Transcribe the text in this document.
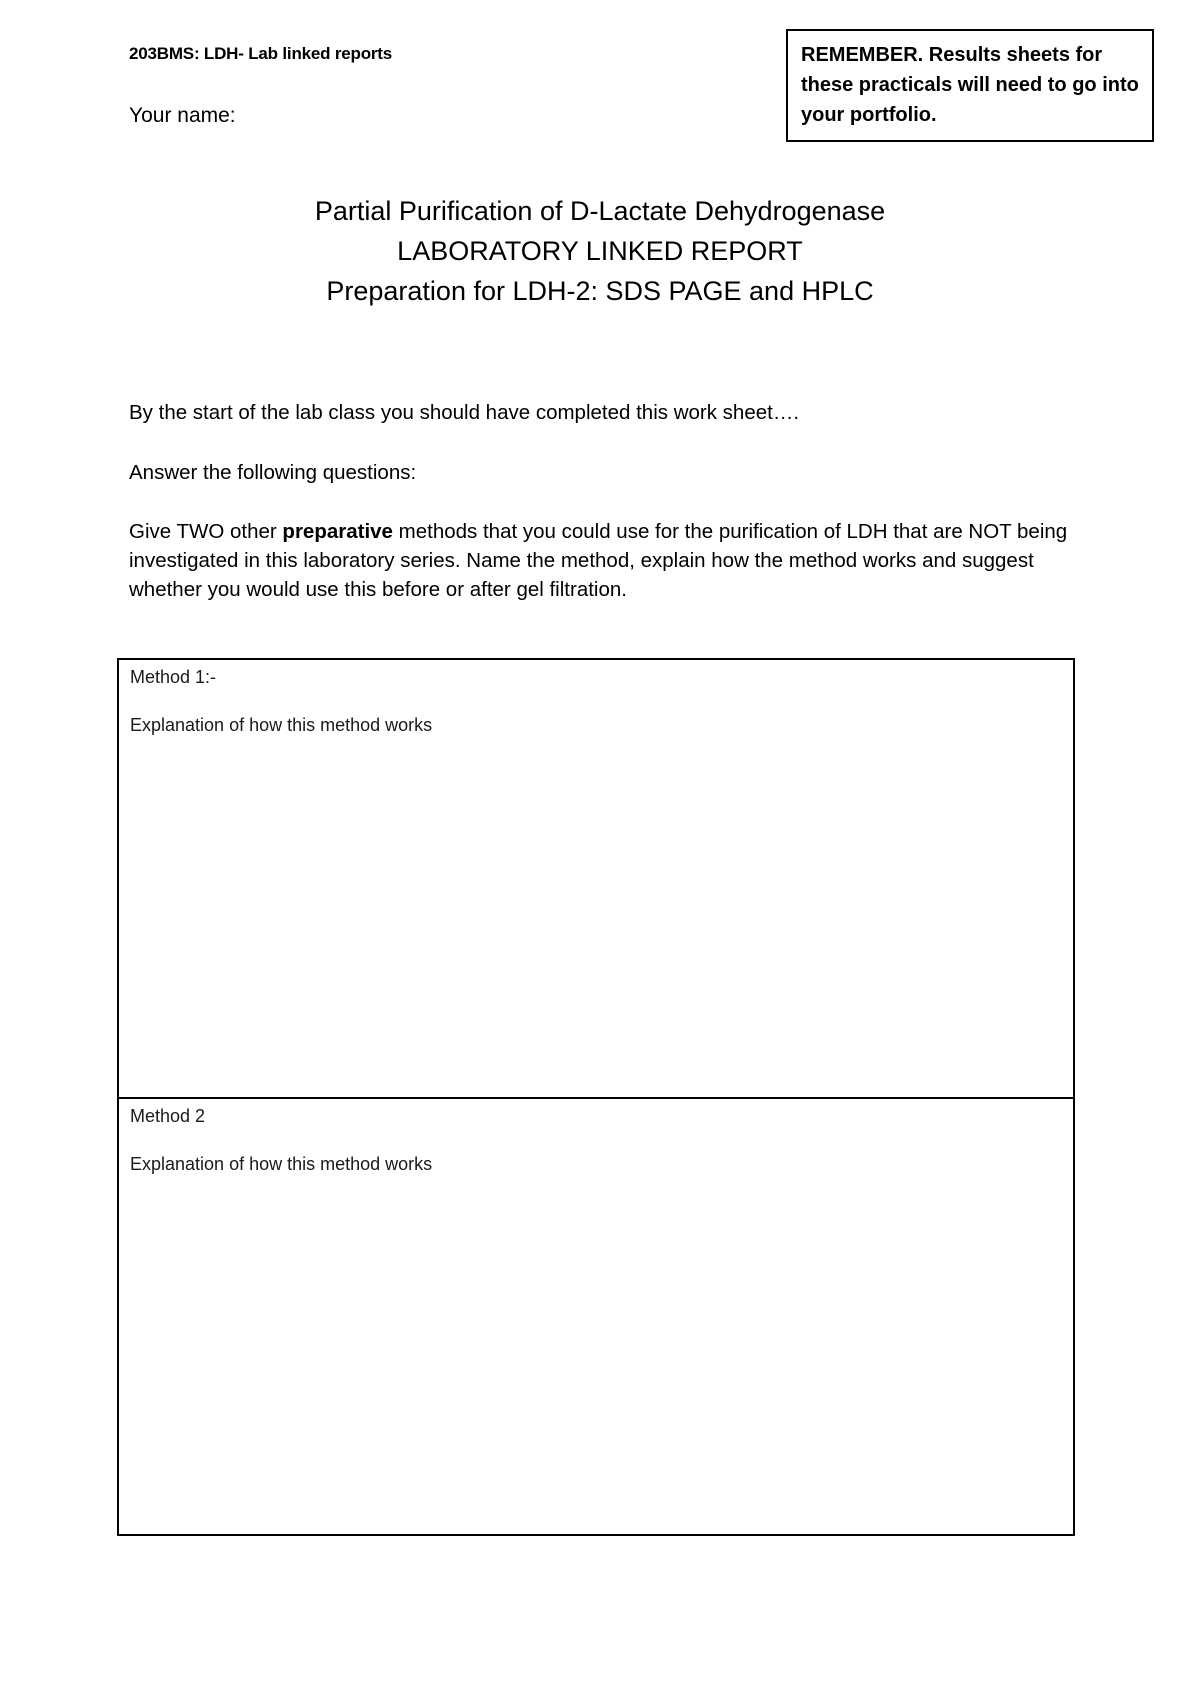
203BMS: LDH- Lab linked reports
Your name:
REMEMBER. Results sheets for these practicals will need to go into your portfolio.
Partial Purification of D-Lactate Dehydrogenase
LABORATORY LINKED REPORT
Preparation for LDH-2: SDS PAGE and HPLC
By the start of the lab class you should have completed this work sheet….
Answer the following questions:
Give TWO other preparative methods that you could use for the purification of LDH that are NOT being investigated in this laboratory series. Name the method, explain how the method works and suggest whether you would use this before or after gel filtration.
Method 1:-
Explanation of how this method works
Method 2
Explanation of how this method works
